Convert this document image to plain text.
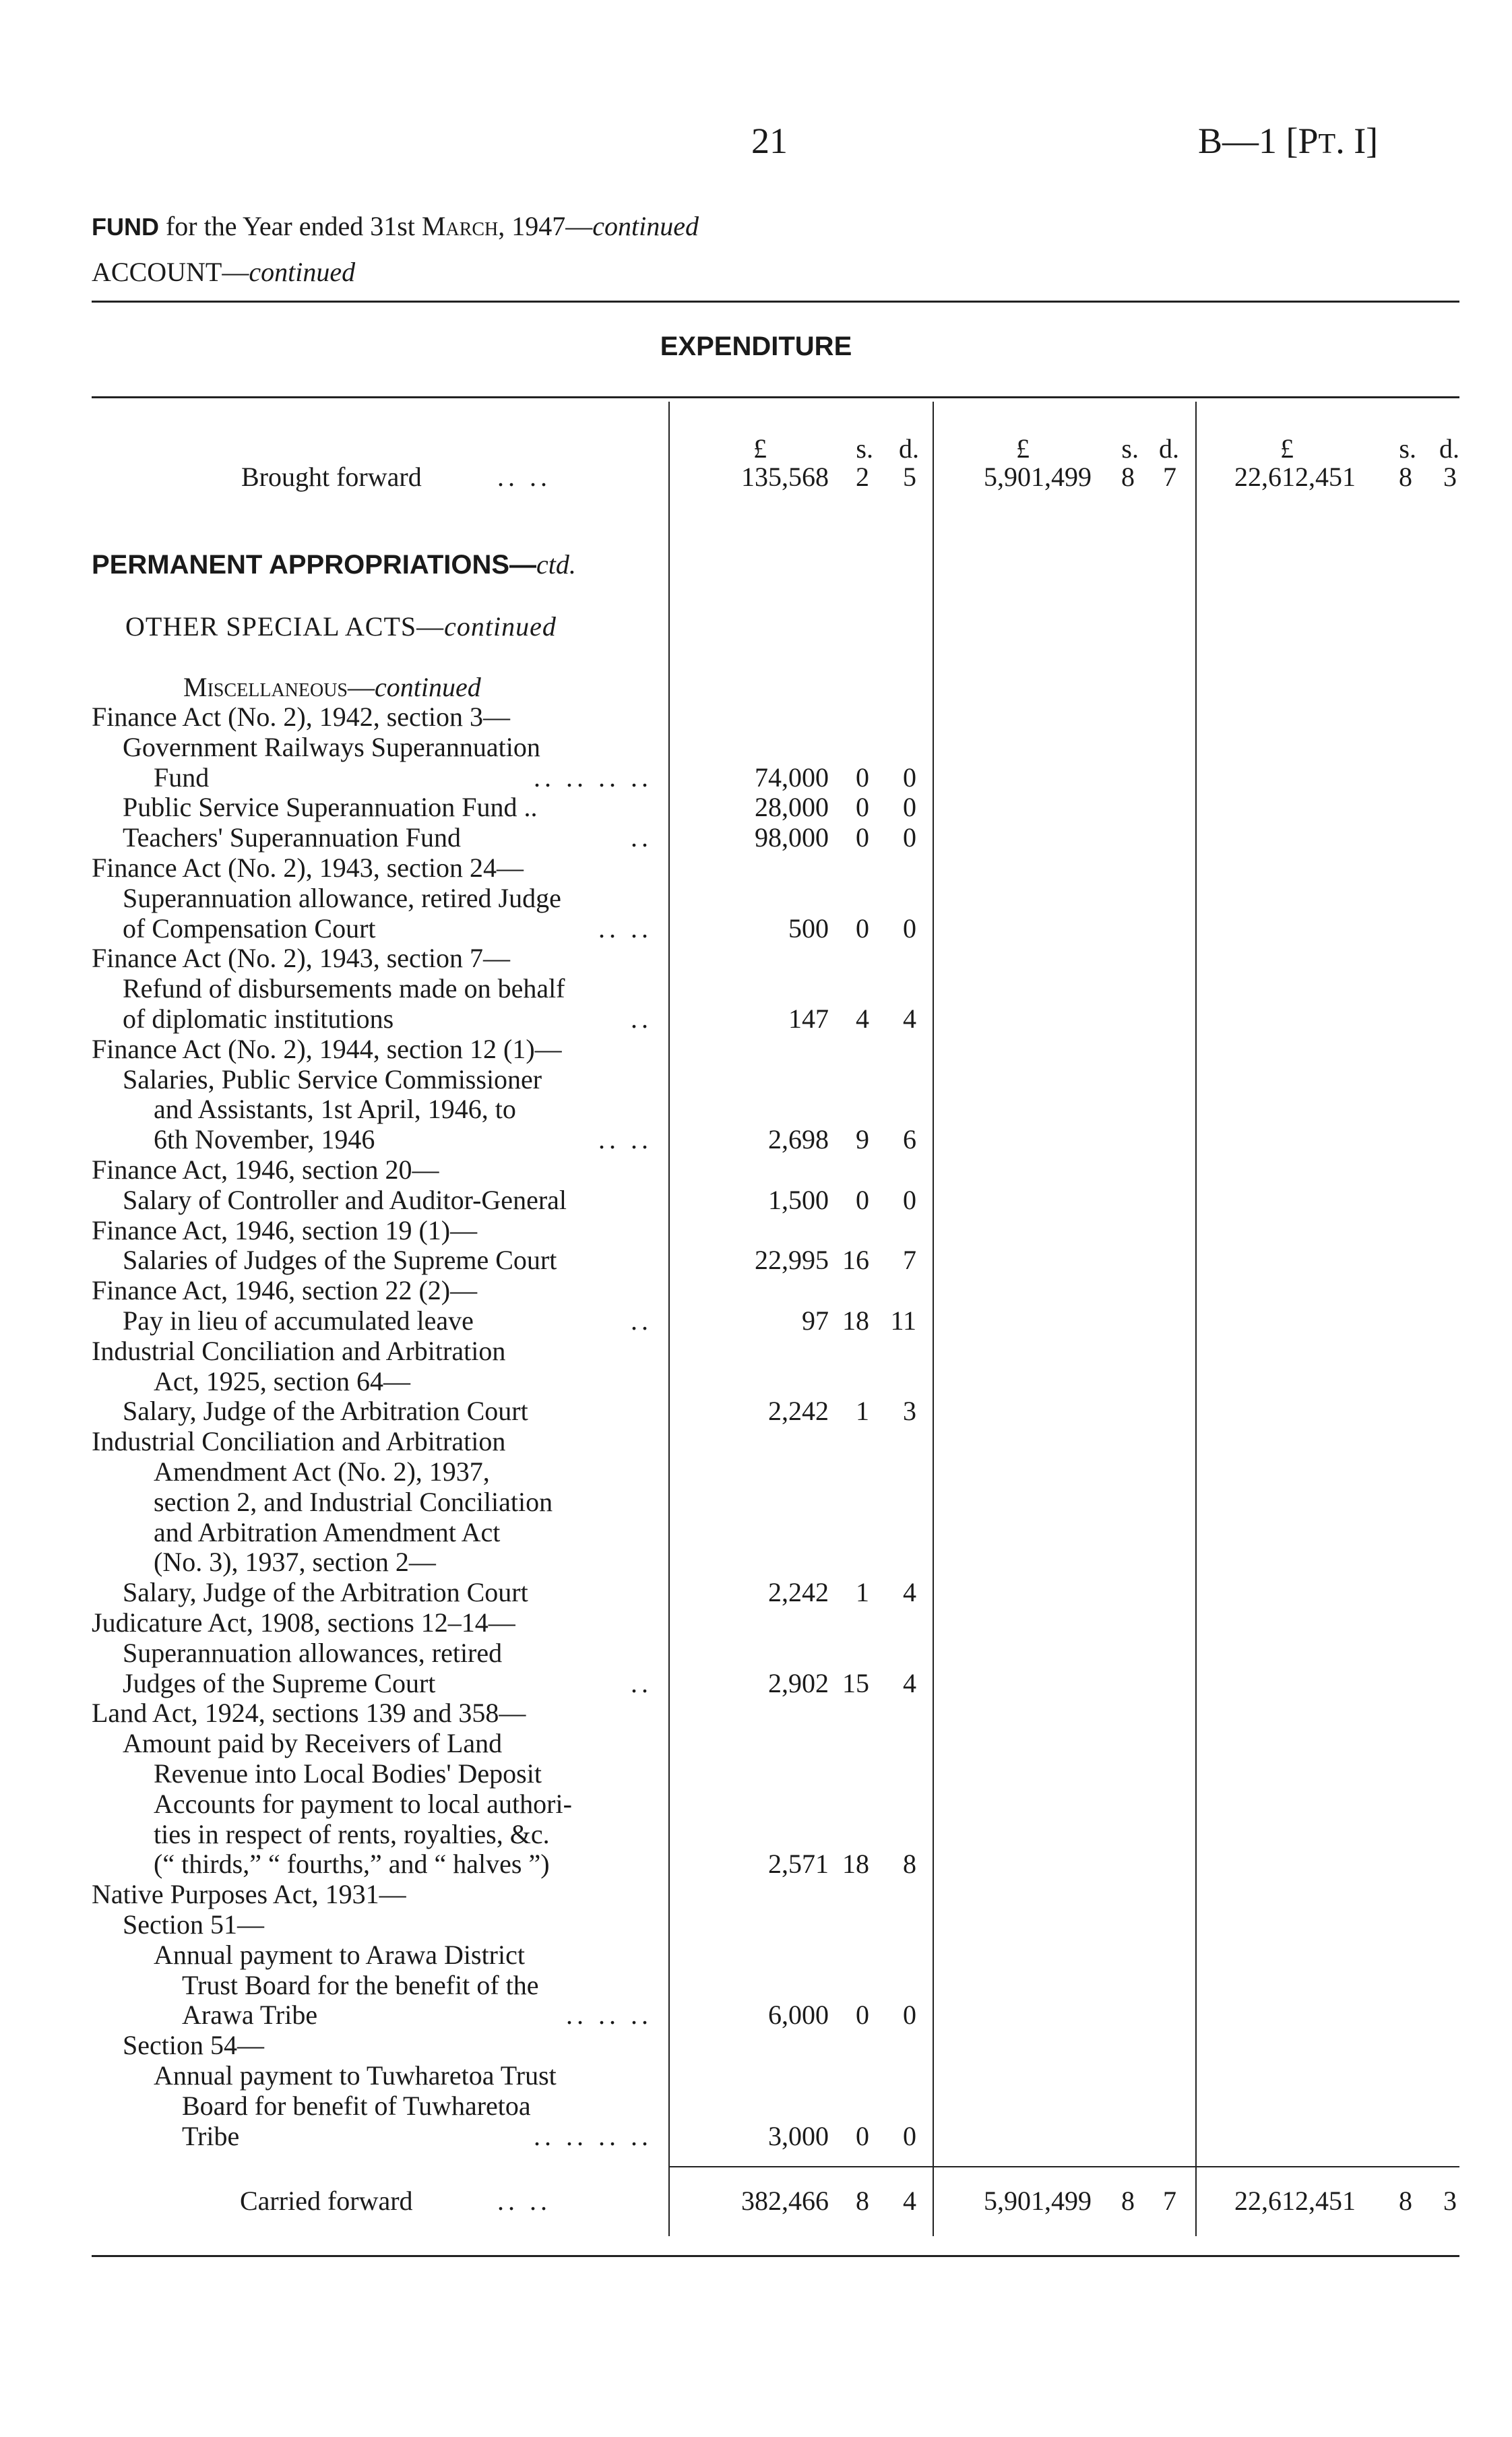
21	B—1 [PT. I]
FUND for the Year ended 31st March, 1947—continued
ACCOUNT—continued
EXPENDITURE
£	s. d.	£	s. d.	£	s. d.
Brought forward	.. ..	135,568 2 5	5,901,499 8 7 22,612,451 8 3
PERMANENT APPROPRIATIONS—ctd.
OTHER SPECIAL ACTS—continued
Miscellaneous—continued
Finance Act (No. 2), 1942, section 3—
Government Railways Superannuation
Fund	.. .. .. ..	74,000 0 0
Public Service Superannuation Fund ..	28,000 0 0
Teachers' Superannuation Fund	..	98,000 0 0
Finance Act (No. 2), 1943, section 24—
Superannuation allowance, retired Judge
of Compensation Court	.. ..	500 0 0
Finance Act (No. 2), 1943, section 7—
Refund of disbursements made on behalf
of diplomatic institutions	..	147 4 4
Finance Act (No. 2), 1944, section 12 (1)—
Salaries, Public Service Commissioner
and Assistants, 1st April, 1946, to
6th November, 1946	.. ..	2,698 9 6
Finance Act, 1946, section 20—
Salary of Controller and Auditor-General	1,500 0 0
Finance Act, 1946, section 19 (1)—
Salaries of Judges of the Supreme Court	22,995 16 7
Finance Act, 1946, section 22 (2)—
Pay in lieu of accumulated leave	..	97 18 11
Industrial Conciliation and Arbitration
Act, 1925, section 64—
Salary, Judge of the Arbitration Court	2,242 1 3
Industrial Conciliation and Arbitration
Amendment Act (No. 2), 1937,
section 2, and Industrial Conciliation
and Arbitration Amendment Act
(No. 3), 1937, section 2—
Salary, Judge of the Arbitration Court	2,242 1 4
Judicature Act, 1908, sections 12–14—
Superannuation allowances, retired
Judges of the Supreme Court	..	2,902 15 4
Land Act, 1924, sections 139 and 358—
Amount paid by Receivers of Land
Revenue into Local Bodies' Deposit
Accounts for payment to local authori-
ties in respect of rents, royalties, &c.
(“ thirds,” “ fourths,” and “ halves ”)	2,571 18 8
Native Purposes Act, 1931—
Section 51—
Annual payment to Arawa District
Trust Board for the benefit of the
Arawa Tribe	.. .. ..	6,000 0 0
Section 54—
Annual payment to Tuwharetoa Trust
Board for benefit of Tuwharetoa
Tribe	.. .. .. ..	3,000 0 0
Carried forward	.. ..	382,466 8 4	5,901,499 8 7 22,612,451 8 3
